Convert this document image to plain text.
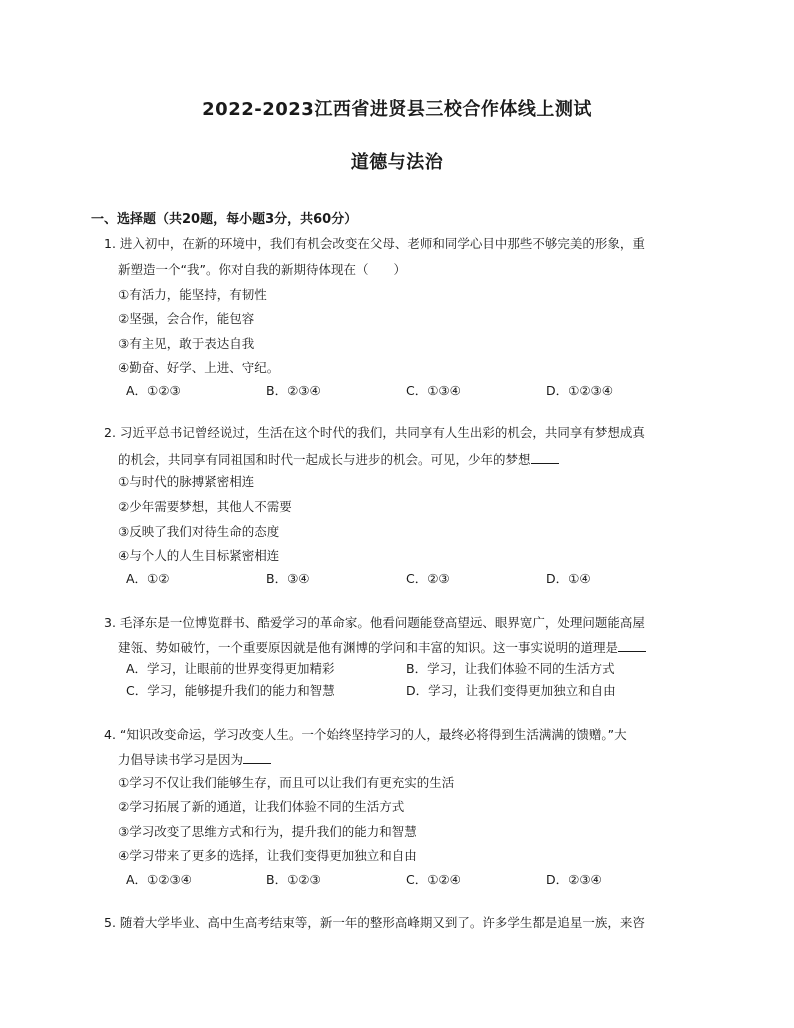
2022-2023江西省进贤县三校合作体线上测试
道德与法治
一、选择题（共20题，每小题3分，共60分）
1. 进入初中，在新的环境中，我们有机会改变在父母、老师和同学心目中那些不够完美的形象，重
新塑造一个“我”。你对自我的新期待体现在（　　）
①有活力，能坚持，有韧性
②坚强，会合作，能包容
③有主见，敢于表达自我
④勤奋、好学、上进、守纪。
A．①②③	B．②③④	C．①③④	D．①②③④
2. 习近平总书记曾经说过，生活在这个时代的我们，共同享有人生出彩的机会，共同享有梦想成真
的机会，共同享有同祖国和时代一起成长与进步的机会。可见，少年的梦想
①与时代的脉搏紧密相连
②少年需要梦想，其他人不需要
③反映了我们对待生命的态度
④与个人的人生目标紧密相连
A．①②	B．③④	C．②③	D．①④
3. 毛泽东是一位博览群书、酷爱学习的革命家。他看问题能登高望远、眼界宽广，处理问题能高屋
建瓴、势如破竹，一个重要原因就是他有渊博的学问和丰富的知识。这一事实说明的道理是
A．学习，让眼前的世界变得更加精彩	B．学习，让我们体验不同的生活方式
C．学习，能够提升我们的能力和智慧	D．学习，让我们变得更加独立和自由
4. “知识改变命运，学习改变人生。一个始终坚持学习的人，最终必将得到生活满满的馈赠。”大
力倡导读书学习是因为
①学习不仅让我们能够生存，而且可以让我们有更充实的生活
②学习拓展了新的通道，让我们体验不同的生活方式
③学习改变了思维方式和行为，提升我们的能力和智慧
④学习带来了更多的选择，让我们变得更加独立和自由
A．①②③④	B．①②③	C．①②④	D．②③④
5. 随着大学毕业、高中生高考结束等，新一年的整形高峰期又到了。许多学生都是追星一族，来咨
